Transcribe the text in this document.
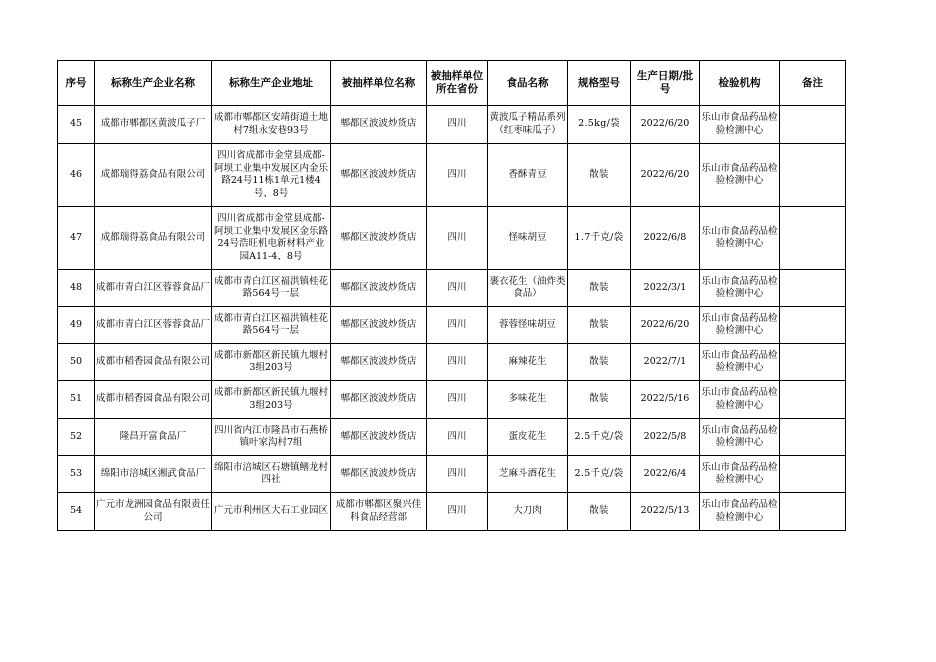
序号	标称生产企业名称	标称生产企业地址	被抽样单位名称	被抽样单位所在省份	食品名称	规格型号	生产日期/批号	检验机构	备注
45	成都市郫都区黄波瓜子厂	成都市郫都区安靖街道土地村7组永安巷93号	郫都区波波炒货店	四川	黄波瓜子精品系列（红枣味瓜子）	2.5kg/袋	2022/6/20	乐山市食品药品检验检测中心	
46	成都瑞得荔食品有限公司	四川省成都市金堂县成都-阿坝工业集中发展区内金乐路24号11栋1单元1楼4号、8号	郫都区波波炒货店	四川	香酥青豆	散装	2022/6/20	乐山市食品药品检验检测中心	
47	成都瑞得荔食品有限公司	四川省成都市金堂县成都-阿坝工业集中发展区金乐路24号浩旺机电新材料产业园A11-4、8号	郫都区波波炒货店	四川	怪味胡豆	1.7千克/袋	2022/6/8	乐山市食品药品检验检测中心	
48	成都市青白江区蓉蓉食品厂	成都市青白江区福洪镇桂花路564号一层	郫都区波波炒货店	四川	裹衣花生（油炸类食品）	散装	2022/3/1	乐山市食品药品检验检测中心	
49	成都市青白江区蓉蓉食品厂	成都市青白江区福洪镇桂花路564号一层	郫都区波波炒货店	四川	蓉蓉怪味胡豆	散装	2022/6/20	乐山市食品药品检验检测中心	
50	成都市稻香园食品有限公司	成都市新都区新民镇九堰村3组203号	郫都区波波炒货店	四川	麻辣花生	散装	2022/7/1	乐山市食品药品检验检测中心	
51	成都市稻香园食品有限公司	成都市新都区新民镇九堰村3组203号	郫都区波波炒货店	四川	多味花生	散装	2022/5/16	乐山市食品药品检验检测中心	
52	隆昌开富食品厂	四川省内江市隆昌市石燕桥镇叶家沟村7组	郫都区波波炒货店	四川	蛋皮花生	2.5千克/袋	2022/5/8	乐山市食品药品检验检测中心	
53	绵阳市涪城区湘武食品厂	绵阳市涪城区石塘镇鳝龙村四社	郫都区波波炒货店	四川	芝麻斗酒花生	2.5千克/袋	2022/6/4	乐山市食品药品检验检测中心	
54	广元市龙洲园食品有限责任公司	广元市利州区大石工业园区	成都市郫都区聚兴佳科食品经营部	四川	大刀肉	散装	2022/5/13	乐山市食品药品检验检测中心	
